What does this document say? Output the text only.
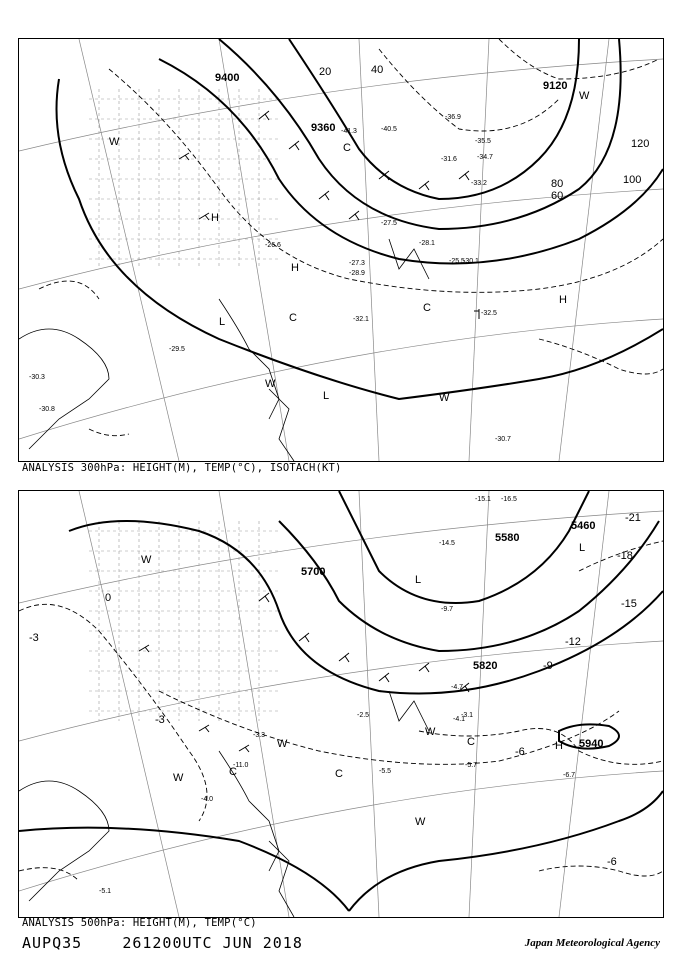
9400
9360
9120
20	40
60
80	100
120
H
H
H
L
L
C
C
C
W
W
W
W
-29.5
-32.5
-30.1
-32.1
-30.7
-40.5
-41.3
-36.9
-28.1
-27.5
-27.3	-25.5
-31.6
-35.5
-34.7
-33.2
-26.6
-30.3
-28.9
-30.8
ANALYSIS 300hPa: HEIGHT(M), TEMP(°C), ISOTACH(KT)
5700
5820
5940
5580
5460
-21
-18
-15
-12
-9
-6
-6
-3
0
-3
L
L
H
C
C
C
W
W
W
W
W
-5.5
-4.1
-3.1
-5.7
-6.7
-4.7
-11.0
-14.5
-15.1 -16.5
-9.7
-5.1
-4.0
-3.3
-2.5
ANALYSIS 500hPa: HEIGHT(M), TEMP(°C)
AUPQ35	261200UTC JUN 2018	Japan Meteorological Agency
